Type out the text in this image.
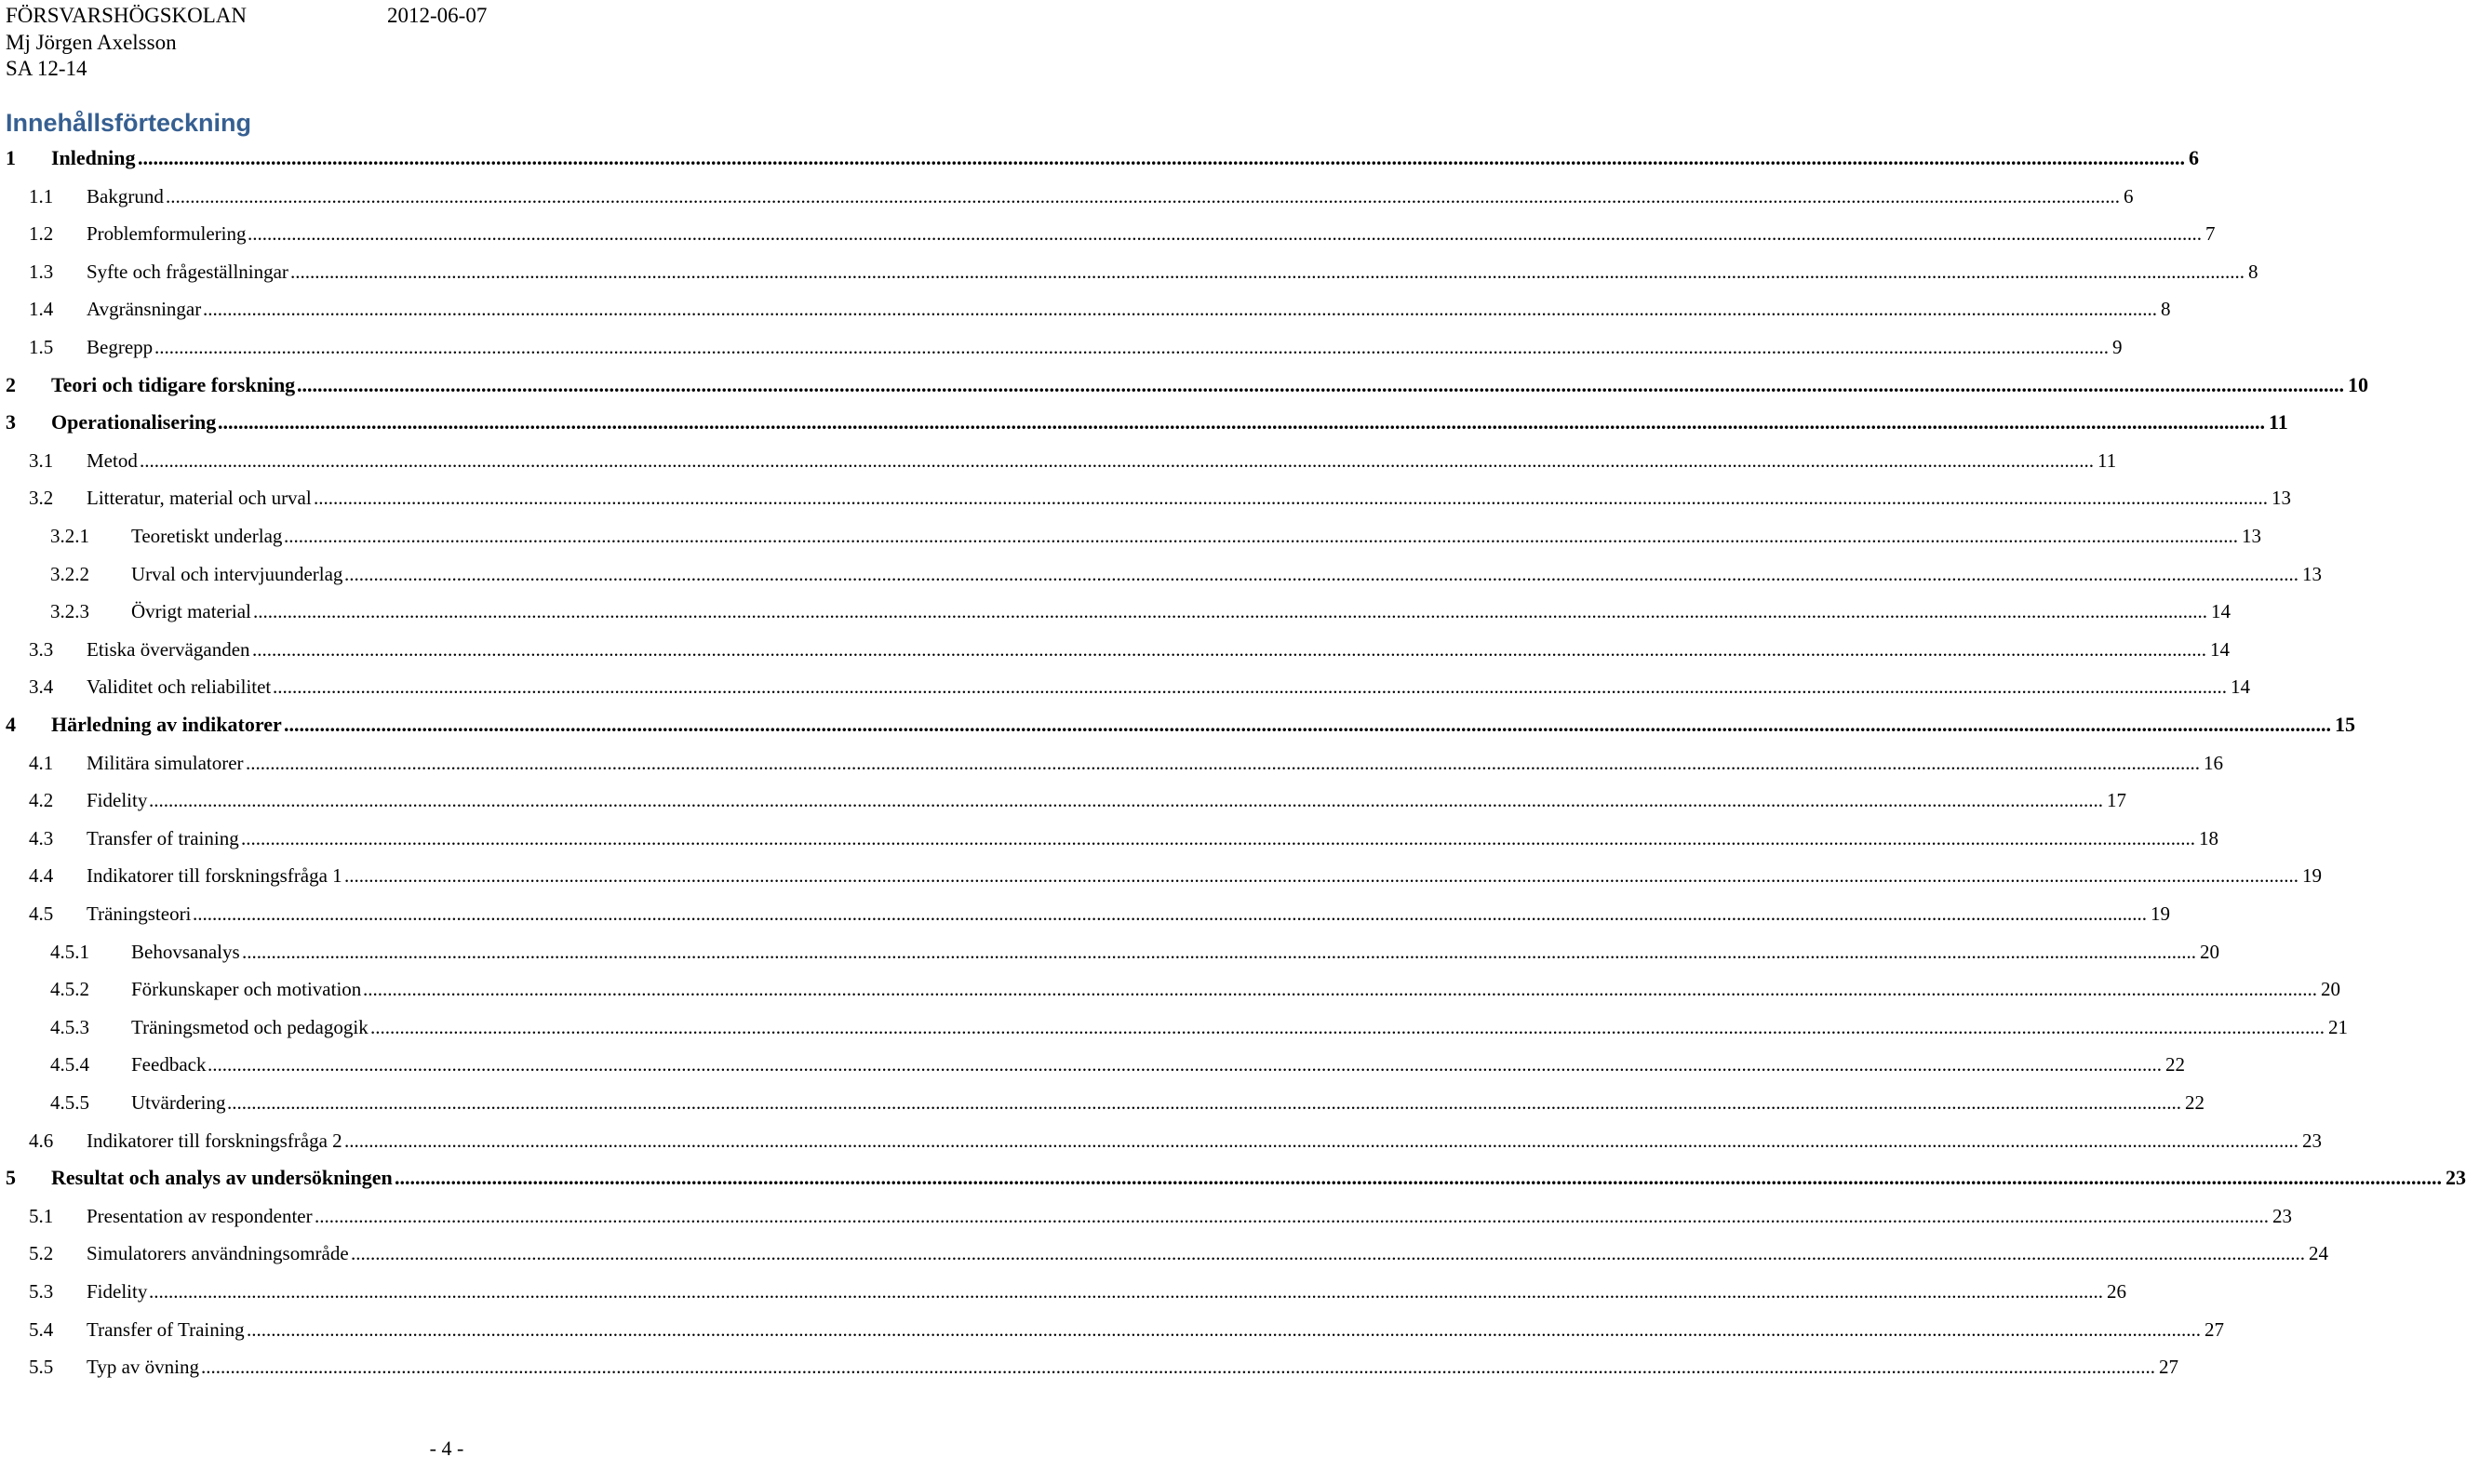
FÖRSVARSHÖGSKOLAN	2012-06-07
Mj Jörgen Axelsson
SA 12-14
Innehållsförteckning
1 Inledning ................................................................................................................................................................................................................................................................................................................................................................................................................ 6
1.1 Bakgrund ................................................................................................................................................................................................................................................................................................................................................................................................................ 6
1.2 Problemformulering ................................................................................................................................................................................................................................................................................................................................................................................................................ 7
1.3 Syfte och frågeställningar ................................................................................................................................................................................................................................................................................................................................................................................................................ 8
1.4 Avgränsningar ................................................................................................................................................................................................................................................................................................................................................................................................................ 8
1.5 Begrepp ................................................................................................................................................................................................................................................................................................................................................................................................................ 9
2 Teori och tidigare forskning ................................................................................................................................................................................................................................................................................................................................................................................................................ 10
3 Operationalisering ................................................................................................................................................................................................................................................................................................................................................................................................................ 11
3.1 Metod ................................................................................................................................................................................................................................................................................................................................................................................................................ 11
3.2 Litteratur, material och urval ................................................................................................................................................................................................................................................................................................................................................................................................................ 13
3.2.1 Teoretiskt underlag ................................................................................................................................................................................................................................................................................................................................................................................................................ 13
3.2.2 Urval och intervjuunderlag ................................................................................................................................................................................................................................................................................................................................................................................................................ 13
3.2.3 Övrigt material ................................................................................................................................................................................................................................................................................................................................................................................................................ 14
3.3 Etiska överväganden ................................................................................................................................................................................................................................................................................................................................................................................................................ 14
3.4 Validitet och reliabilitet ................................................................................................................................................................................................................................................................................................................................................................................................................ 14
4 Härledning av indikatorer ................................................................................................................................................................................................................................................................................................................................................................................................................ 15
4.1 Militära simulatorer ................................................................................................................................................................................................................................................................................................................................................................................................................ 16
4.2 Fidelity ................................................................................................................................................................................................................................................................................................................................................................................................................ 17
4.3 Transfer of training ................................................................................................................................................................................................................................................................................................................................................................................................................ 18
4.4 Indikatorer till forskningsfråga 1 ................................................................................................................................................................................................................................................................................................................................................................................................................ 19
4.5 Träningsteori ................................................................................................................................................................................................................................................................................................................................................................................................................ 19
4.5.1 Behovsanalys ................................................................................................................................................................................................................................................................................................................................................................................................................ 20
4.5.2 Förkunskaper och motivation ................................................................................................................................................................................................................................................................................................................................................................................................................ 20
4.5.3 Träningsmetod och pedagogik ................................................................................................................................................................................................................................................................................................................................................................................................................ 21
4.5.4 Feedback ................................................................................................................................................................................................................................................................................................................................................................................................................ 22
4.5.5 Utvärdering ................................................................................................................................................................................................................................................................................................................................................................................................................ 22
4.6 Indikatorer till forskningsfråga 2 ................................................................................................................................................................................................................................................................................................................................................................................................................ 23
5 Resultat och analys av undersökningen ................................................................................................................................................................................................................................................................................................................................................................................................................ 23
5.1 Presentation av respondenter ................................................................................................................................................................................................................................................................................................................................................................................................................ 23
5.2 Simulatorers användningsområde ................................................................................................................................................................................................................................................................................................................................................................................................................ 24
5.3 Fidelity ................................................................................................................................................................................................................................................................................................................................................................................................................ 26
5.4 Transfer of Training ................................................................................................................................................................................................................................................................................................................................................................................................................ 27
5.5 Typ av övning ................................................................................................................................................................................................................................................................................................................................................................................................................ 27
- 4 -
